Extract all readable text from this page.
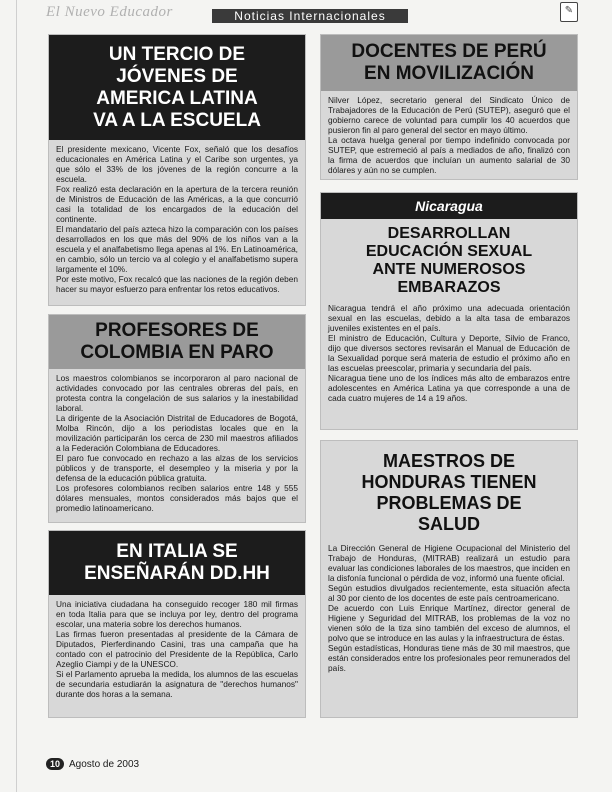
El Nuevo Educador	Noticias Internacionales	✎
UN TERCIO DE
JÓVENES DE
AMERICA LATINA
VA A LA ESCUELA

El presidente mexicano, Vicente Fox, señaló que los desafíos educacionales en América Latina y el Caribe son urgentes, ya que sólo el 33% de los jóvenes de la región concurre a la escuela.

Fox realizó esta declaración en la apertura de la tercera reunión de Ministros de Educación de las Américas, a la que concurrió casi la totalidad de los encargados de la educación del continente.

El mandatario del país azteca hizo la comparación con los países desarrollados en los que más del 90% de los niños van a la escuela y el analfabetismo llega apenas al 1%. En Latinoamérica, en cambio, sólo un tercio va al colegio y el analfabetismo supera largamente el 10%.

Por este motivo, Fox recalcó que las naciones de la región deben hacer su mayor esfuerzo para enfrentar los retos educativos.

PROFESORES DE
COLOMBIA EN PARO

Los maestros colombianos se incorporaron al paro nacional de actividades convocado por las centrales obreras del país, en protesta contra la congelación de sus salarios y la inestabilidad laboral.

La dirigente de la Asociación Distrital de Educadores de Bogotá, Molba Rincón, dijo a los periodistas locales que en la movilización participarán los cerca de 230 mil maestros afiliados a la Federación Colombiana de Educadores.

El paro fue convocado en rechazo a las alzas de los servicios públicos y de transporte, el desempleo y la miseria y por la defensa de la educación pública gratuita.

Los profesores colombianos reciben salarios entre 148 y 555 dólares mensuales, montos considerados más bajos que el promedio latinoamericano.

EN ITALIA SE
ENSEÑARÁN DD.HH

Una iniciativa ciudadana ha conseguido recoger 180 mil firmas en toda Italia para que se incluya por ley, dentro del programa escolar, una materia sobre los derechos humanos.

Las firmas fueron presentadas al presidente de la Cámara de Diputados, Pierferdinando Casini, tras una campaña que ha contado con el patrocinio del Presidente de la República, Carlo Azeglio Ciampi y de la UNESCO.

Si el Parlamento aprueba la medida, los alumnos de las escuelas de secundaria estudiarán la asignatura de "derechos humanos" durante dos horas a la semana.

DOCENTES DE PERÚ
EN MOVILIZACIÓN

Nilver López, secretario general del Sindicato Único de Trabajadores de la Educación de Perú (SUTEP), aseguró que el gobierno carece de voluntad para cumplir los 40 acuerdos que pusieron fin al paro general del sector en mayo último.

La octava huelga general por tiempo indefinido convocada por SUTEP, que estremeció al país a mediados de año, finalizó con la firma de acuerdos que incluían un aumento salarial de 30 dólares y aún no se cumplen.

Nicaragua
DESARROLLAN
EDUCACIÓN SEXUAL
ANTE NUMEROSOS
EMBARAZOS

Nicaragua tendrá el año próximo una adecuada orientación sexual en las escuelas, debido a la alta tasa de embarazos juveniles existentes en el país.

El ministro de Educación, Cultura y Deporte, Silvio de Franco, dijo que diversos sectores revisarán el Manual de Educación de la Sexualidad porque será materia de estudio el próximo año en las escuelas preescolar, primaria y secundaria del país.

Nicaragua tiene uno de los índices más alto de embarazos entre adolescentes en América Latina ya que corresponde a una de cada cuatro mujeres de 14 a 19 años.

MAESTROS DE
HONDURAS TIENEN
PROBLEMAS DE
SALUD

La Dirección General de Higiene Ocupacional del Ministerio del Trabajo de Honduras, (MITRAB) realizará un estudio para evaluar las condiciones laborales de los maestros, que inciden en la disfonía funcional o pérdida de voz, informó una fuente oficial.

Según estudios divulgados recientemente, esta situación afecta al 30 por ciento de los docentes de este país centroamericano.

De acuerdo con Luis Enrique Martínez, director general de Higiene y Seguridad del MITRAB, los problemas de la voz no vienen sólo de la tiza sino también del exceso de alumnos, el polvo que se introduce en las aulas y la infraestructura de éstas.

Según estadísticas, Honduras tiene más de 30 mil maestros, que están considerados entre los profesionales peor remunerados del país.

10 Agosto de 2003
